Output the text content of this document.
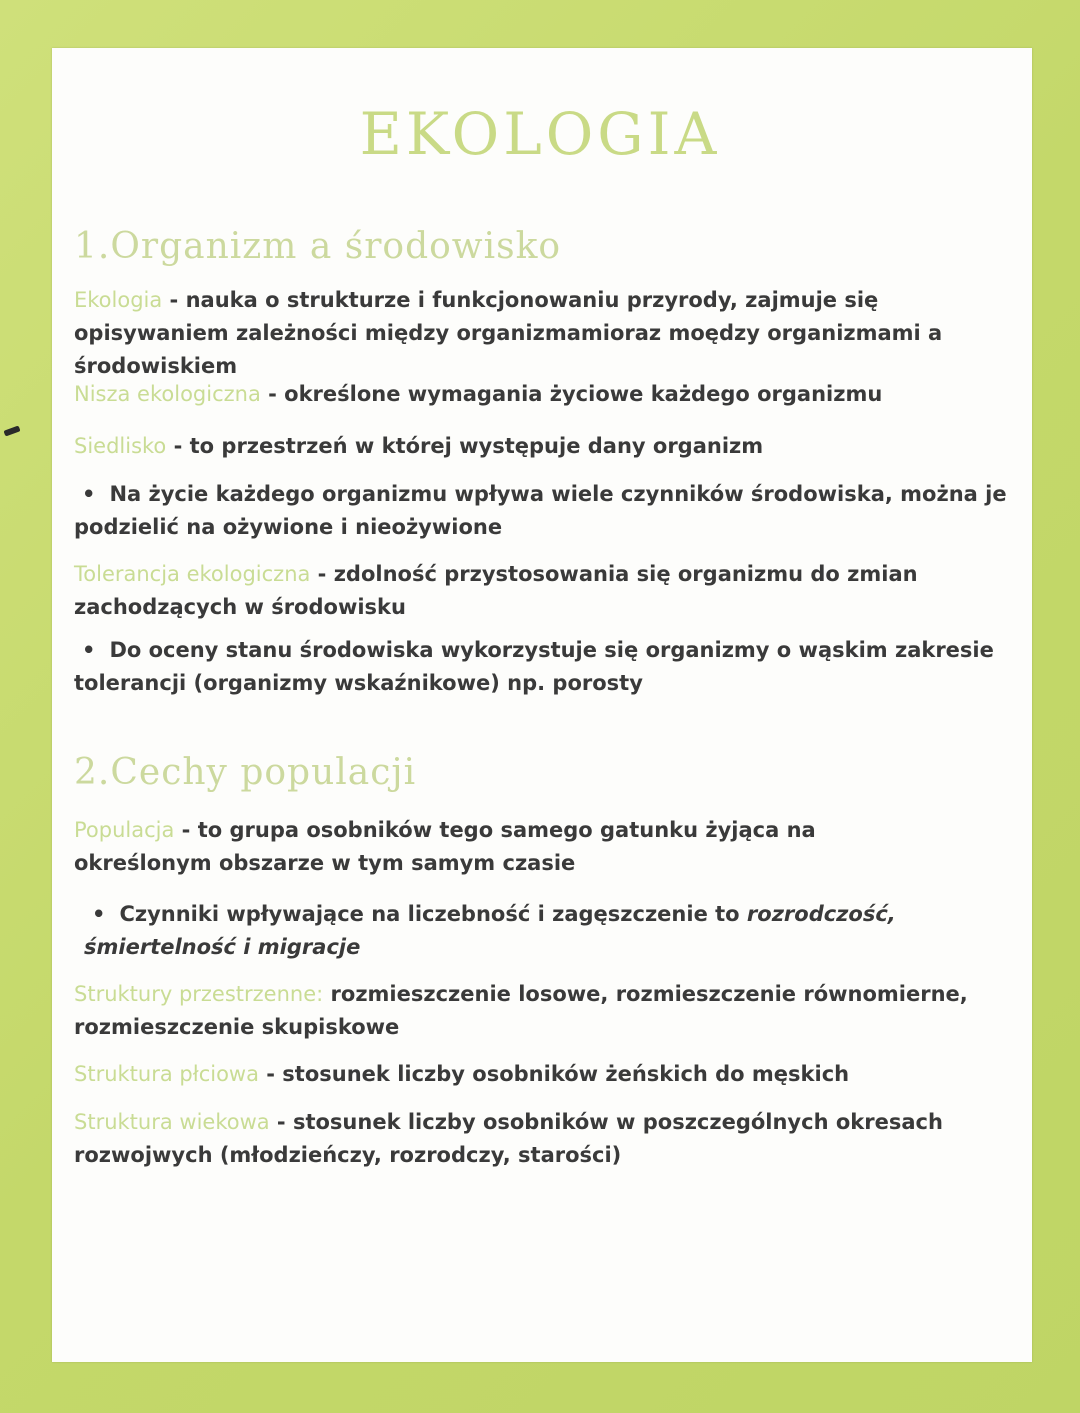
EKOLOGIA
1.Organizm a środowisko

Ekologia - nauka o strukturze i funkcjonowaniu przyrody, zajmuje się opisywaniem zależności między organizmamioraz moędzy organizmami a środowiskiem

Nisza ekologiczna - określone wymagania życiowe każdego organizmu

Siedlisko - to przestrzeń w której występuje dany organizm

• Na życie każdego organizmu wpływa wiele czynników środowiska, można je podzielić na ożywione i nieożywione

Tolerancja ekologiczna - zdolność przystosowania się organizmu do zmian zachodzących w środowisku

• Do oceny stanu środowiska wykorzystuje się organizmy o wąskim zakresie tolerancji (organizmy wskaźnikowe) np. porosty

2.Cechy populacji

Populacja - to grupa osobników tego samego gatunku żyjąca na określonym obszarze w tym samym czasie

• Czynniki wpływające na liczebność i zagęszczenie to rozrodczość, śmiertelność i migracje

Struktury przestrzenne: rozmieszczenie losowe, rozmieszczenie równomierne, rozmieszczenie skupiskowe

Struktura płciowa - stosunek liczby osobników żeńskich do męskich

Struktura wiekowa - stosunek liczby osobników w poszczególnych okresach rozwojwych (młodzieńczy, rozrodczy, starości)
